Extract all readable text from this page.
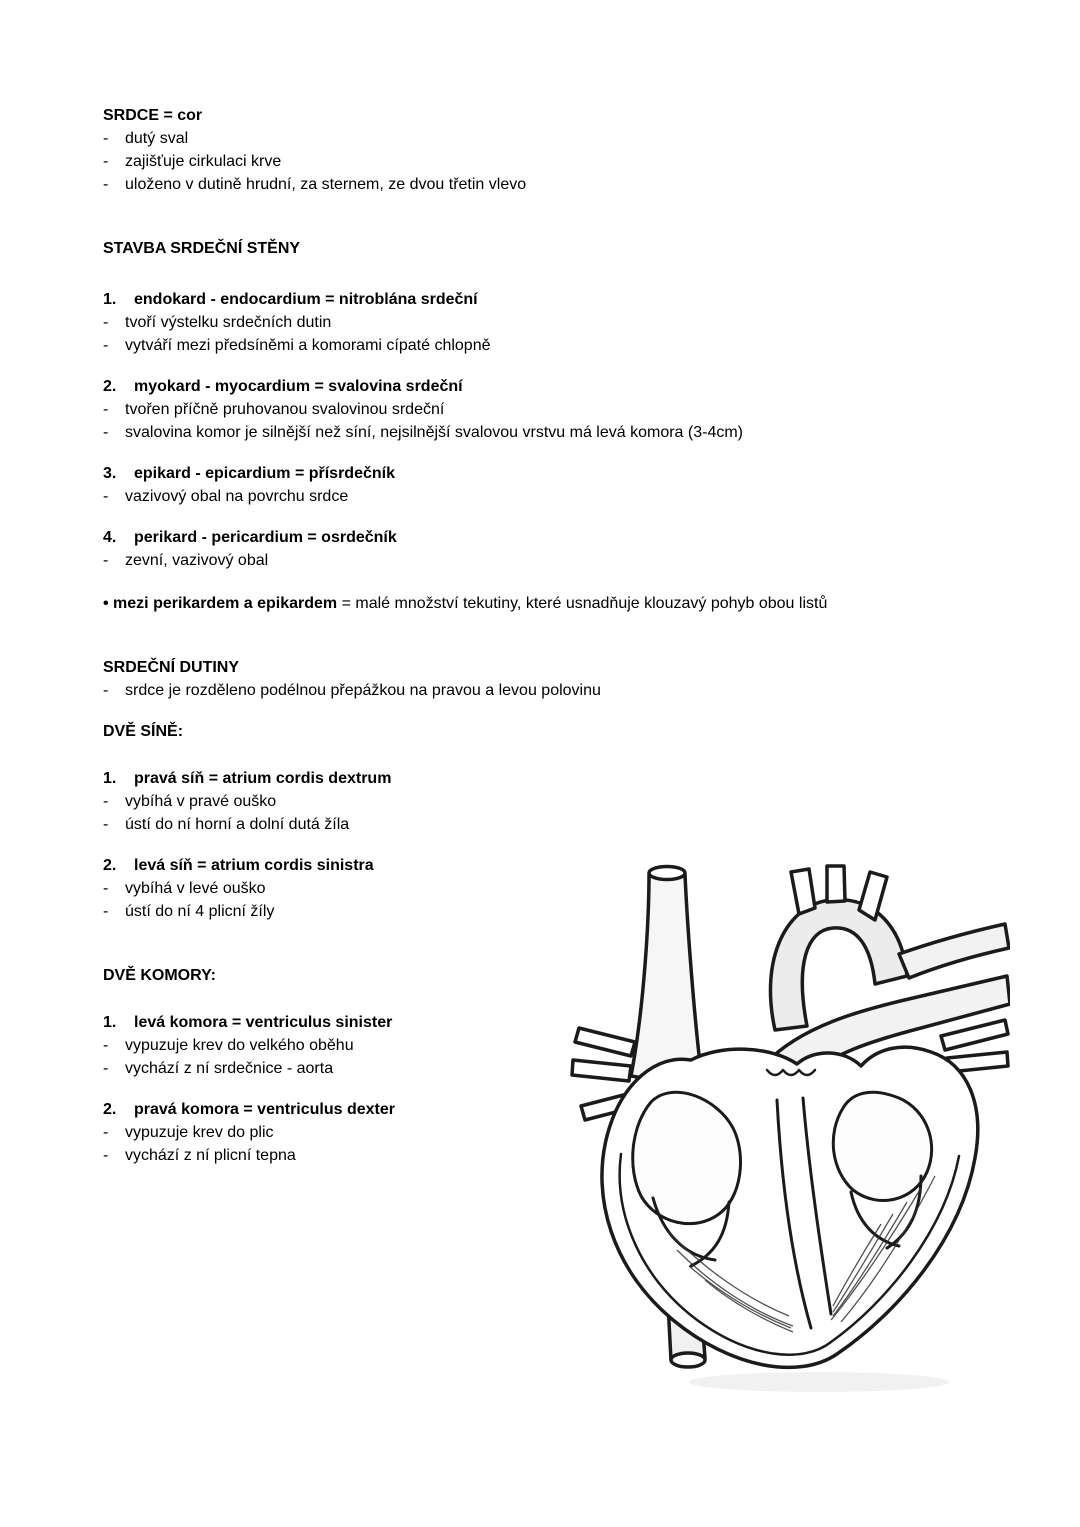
SRDCE = cor
-	dutý sval
-	zajišťuje cirkulaci krve
-	uloženo v dutině hrudní, za sternem, ze dvou třetin vlevo
STAVBA SRDEČNÍ STĚNY
1.	endokard - endocardium = nitroblána srdeční
-	tvoří výstelku srdečních dutin
-	vytváří mezi předsíněmi a komorami cípaté chlopně
2.	myokard - myocardium = svalovina srdeční
-	tvořen příčně pruhovanou svalovinou srdeční
-	svalovina komor je silnější než síní, nejsilnější svalovou vrstvu má levá komora (3-4cm)
3.	epikard - epicardium = přísrdečník
-	vazivový obal na povrchu srdce
4.	perikard - pericardium = osrdečník
-	zevní, vazivový obal

• mezi perikardem a epikardem = malé množství tekutiny, které usnadňuje klouzavý pohyb obou listů

SRDEČNÍ DUTINY
-	srdce je rozděleno podélnou přepážkou na pravou a levou polovinu
DVĚ SÍNĚ:
1.	pravá síň = atrium cordis dextrum
-	vybíhá v pravé ouško
-	ústí do ní horní a dolní dutá žíla
2.	levá síň = atrium cordis sinistra
-	vybíhá v levé ouško
-	ústí do ní 4 plicní žíly
DVĚ KOMORY:
1.	levá komora = ventriculus sinister
-	vypuzuje krev do velkého oběhu
-	vychází z ní srdečnice - aorta
2.	pravá komora = ventriculus dexter
-	vypuzuje krev do plic
-	vychází z ní plicní tepna
